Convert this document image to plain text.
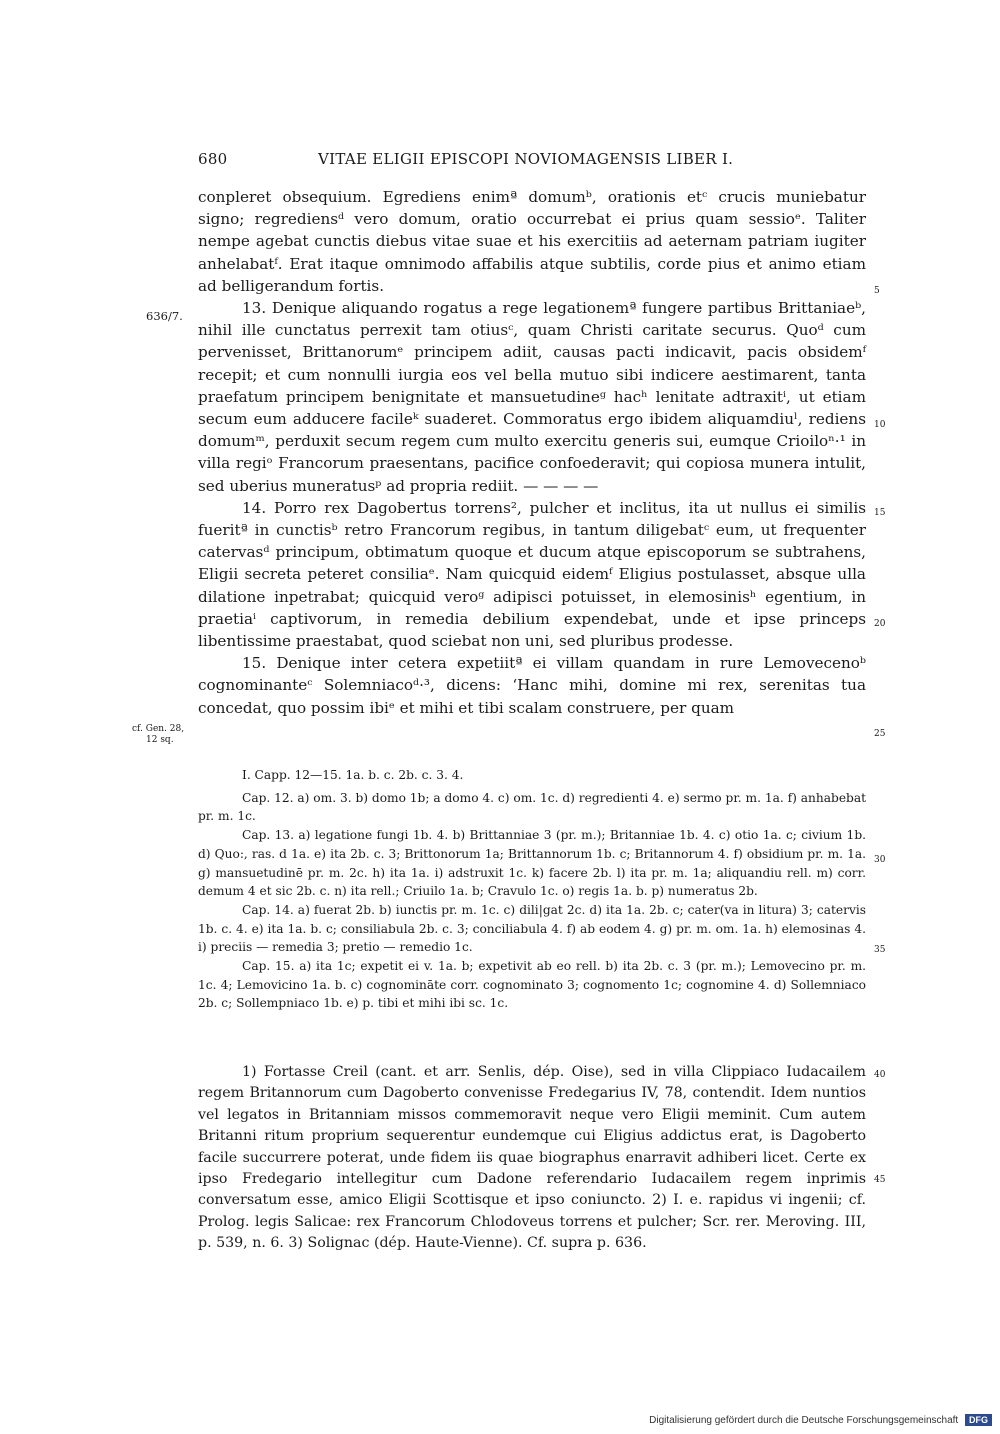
680	VITAE ELIGII EPISCOPI NOVIOMAGENSIS LIBER I.

conpleret obsequium. Egrediens enimª domumᵇ, orationis etᶜ crucis muniebatur signo; regrediensᵈ vero domum, oratio occurrebat ei prius quam sessioᵉ. Taliter nempe agebat cunctis diebus vitae suae et his exercitiis ad aeternam patriam iugiter anhelabatᶠ. Erat itaque omnimodo affabilis atque subtilis, corde pius et animo etiam ad belligerandum fortis.

13. Denique aliquando rogatus a rege legationemª fungere partibus Brittaniaeᵇ, nihil ille cunctatus perrexit tam otiusᶜ, quam Christi caritate securus. Quoᵈ cum pervenisset, Brittanorumᵉ principem adiit, causas pacti indicavit, pacis obsidemᶠ recepit; et cum nonnulli iurgia eos vel bella mutuo sibi indicere aestimarent, tanta praefatum principem benignitate et mansuetudineᵍ hacʰ lenitate adtraxitⁱ, ut etiam secum eum adducere facileᵏ suaderet. Commoratus ergo ibidem aliquamdiuˡ, rediens domumᵐ, perduxit secum regem cum multo exercitu generis sui, eumque Crioiloⁿ·¹ in villa regiᵒ Francorum praesentans, pacifice confoederavit; qui copiosa munera intulit, sed uberius muneratusᵖ ad propria rediit. — — — —

14. Porro rex Dagobertus torrens², pulcher et inclitus, ita ut nullus ei similis fueritª in cunctisᵇ retro Francorum regibus, in tantum diligebatᶜ eum, ut frequenter catervasᵈ principum, obtimatum quoque et ducum atque episcoporum se subtrahens, Eligii secreta peteret consiliaᵉ. Nam quicquid eidemᶠ Eligius postulasset, absque ulla dilatione inpetrabat; quicquid veroᵍ adipisci potuisset, in elemosinisʰ egentium, in praetiaⁱ captivorum, in remedia debilium expendebat, unde et ipse princeps libentissime praestabat, quod sciebat non uni, sed pluribus prodesse.

15. Denique inter cetera expetiitª ei villam quandam in rure Lemovecenoᵇ cognominanteᶜ Solemniacoᵈ·³, dicens: ‘Hanc mihi, domine mi rex, serenitas tua concedat, quo possim ibiᵉ et mihi et tibi scalam construere, per quam

636/7.
cf. Gen. 28,
12 sq.
5
10
15
20
25
30
35
40
45

I. Capp. 12—15. 1a. b. c. 2b. c. 3. 4.

Cap. 12. a) om. 3. b) domo 1b; a domo 4. c) om. 1c. d) regredienti 4. e) sermo pr. m. 1a. f) anhabebat pr. m. 1c.

Cap. 13. a) legatione fungi 1b. 4. b) Brittanniae 3 (pr. m.); Britanniae 1b. 4. c) otio 1a. c; civium 1b. d) Quo:, ras. d 1a. e) ita 2b. c. 3; Brittonorum 1a; Brittannorum 1b. c; Britannorum 4. f) obsidium pr. m. 1a. g) mansuetudinē pr. m. 2c. h) ita 1a. i) adstruxit 1c. k) facere 2b. l) ita pr. m. 1a; aliquandiu rell. m) corr. demum 4 et sic 2b. c. n) ita rell.; Criuilo 1a. b; Cravulo 1c. o) regis 1a. b. p) numeratus 2b.

Cap. 14. a) fuerat 2b. b) iunctis pr. m. 1c. c) dili|gat 2c. d) ita 1a. 2b. c; cater(va in litura) 3; catervis 1b. c. 4. e) ita 1a. b. c; consiliabula 2b. c. 3; conciliabula 4. f) ab eodem 4. g) pr. m. om. 1a. h) elemosinas 4. i) preciis — remedia 3; pretio — remedio 1c.

Cap. 15. a) ita 1c; expetit ei v. 1a. b; expetivit ab eo rell. b) ita 2b. c. 3 (pr. m.); Lemovecino pr. m. 1c. 4; Lemovicino 1a. b. c) cognomināte corr. cognominato 3; cognomento 1c; cognomine 4. d) Sollemniaco 2b. c; Sollempniaco 1b. e) p. tibi et mihi ibi sc. 1c.

1) Fortasse Creil (cant. et arr. Senlis, dép. Oise), sed in villa Clippiaco Iudacailem regem Britannorum cum Dagoberto convenisse Fredegarius IV, 78, contendit. Idem nuntios vel legatos in Britanniam missos commemoravit neque vero Eligii meminit. Cum autem Britanni ritum proprium sequerentur eundemque cui Eligius addictus erat, is Dagoberto facile succurrere poterat, unde fidem iis quae biographus enarravit adhiberi licet. Certe ex ipso Fredegario intellegitur cum Dadone referendario Iudacailem regem inprimis conversatum esse, amico Eligii Scottisque et ipso coniuncto. 2) I. e. rapidus vi ingenii; cf. Prolog. legis Salicae: rex Francorum Chlodoveus torrens et pulcher; Scr. rer. Meroving. III, p. 539, n. 6. 3) Solignac (dép. Haute-Vienne). Cf. supra p. 636.

Digitalisierung gefördert durch die Deutsche Forschungsgemeinschaft DFG
